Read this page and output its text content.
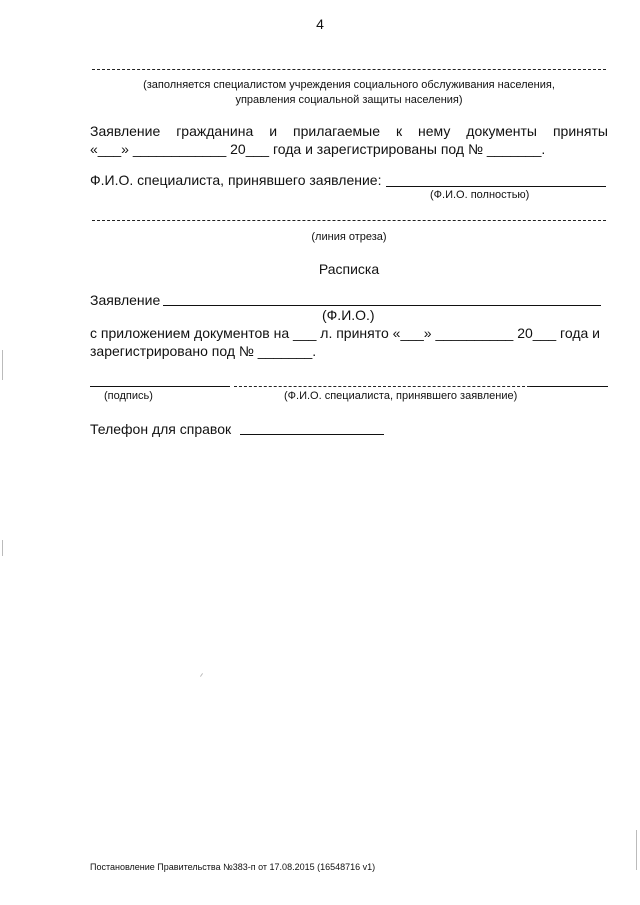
4
(заполняется специалистом учреждения социального обслуживания населения,
управления социальной защиты населения)
Заявление гражданина и прилагаемые к нему документы приняты
«___» ____________ 20___ года и зарегистрированы под № _______.
Ф.И.О. специалиста, принявшего заявление:
(Ф.И.О. полностью)
(линия отреза)
Расписка
Заявление
(Ф.И.О.)
с приложением документов на ___ л. принято «___» __________ 20___ года и
зарегистрировано под № _______.
(подпись)	(Ф.И.О. специалиста, принявшего заявление)
Телефон для справок
Постановление Правительства №383-п от 17.08.2015 (16548716 v1)
